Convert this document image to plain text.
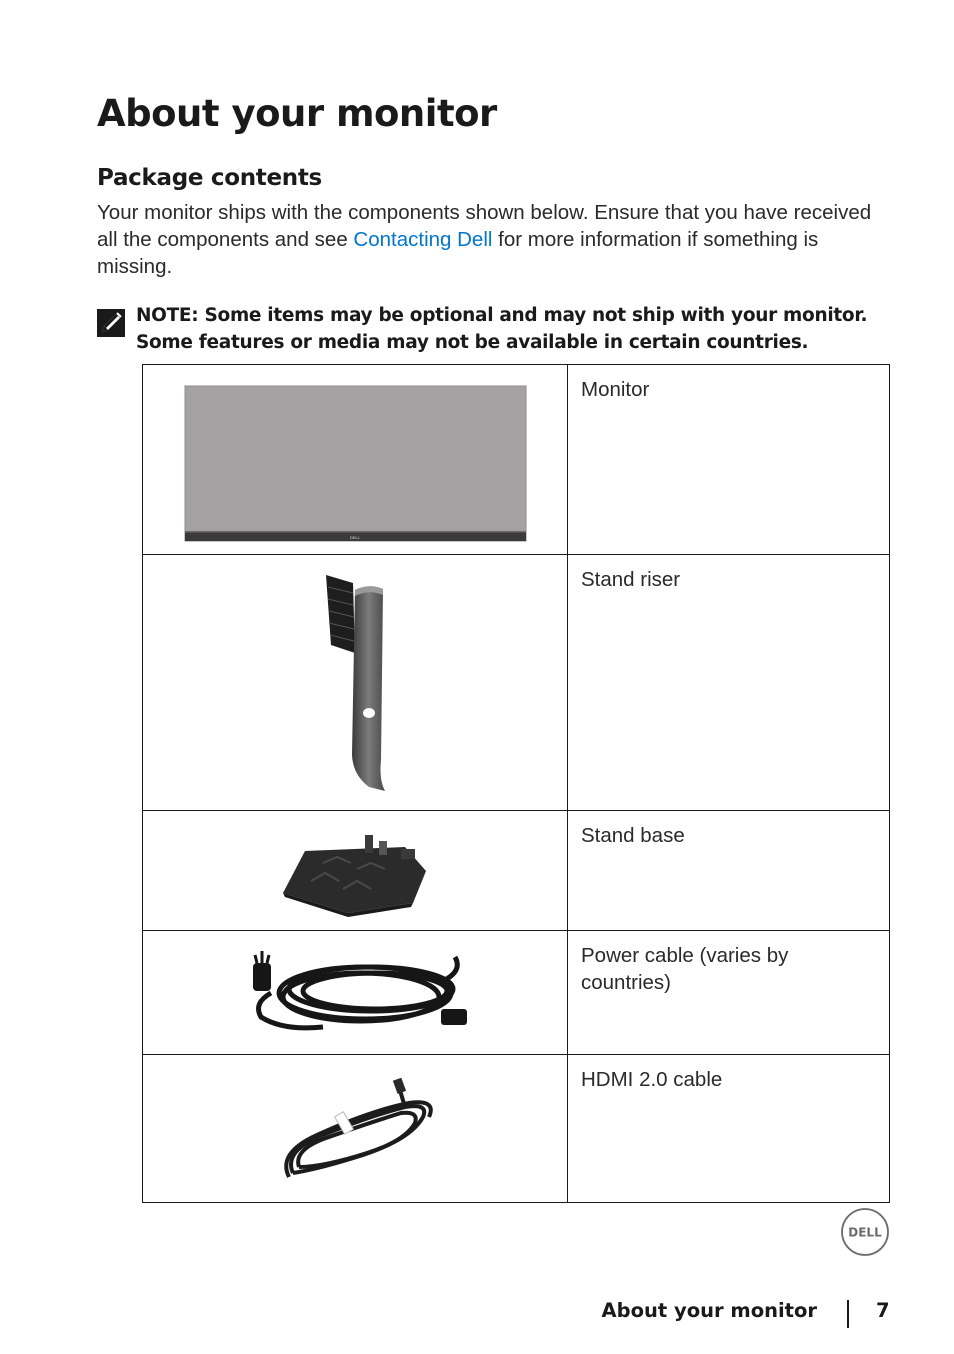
About your monitor
Package contents

Your monitor ships with the components shown below. Ensure that you have received all the components and see Contacting Dell for more information if something is missing.

NOTE: Some items may be optional and may not ship with your monitor. Some features or media may not be available in certain countries.

DELL	Monitor

	Stand riser

	Stand base

	Power cable (varies by countries)

	HDMI 2.0 cable
DELL
About your monitor	7
